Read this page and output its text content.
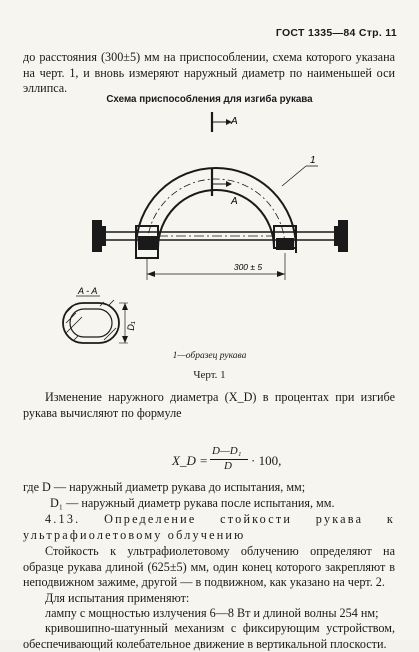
ГОСТ 1335—84 Стр. 11
до расстояния (300±5) мм на приспособлении, схема которого указана на черт. 1, и вновь измеряют наружный диаметр по наименьшей оси эллипса.
Схема приспособления для изгиба рукава
A
A
1
300 ± 5
A - A
D₁
1—образец рукава
Черт. 1
Изменение наружного диаметра (X_D) в процентах при изгибе рукава вычисляют по формуле
X_D =
D—D₁
D · 100,
где D — наружный диаметр рукава до испытания, мм;
D₁ — наружный диаметр рукава после испытания, мм.
4.13. Определение стойкости рукава к ультрафиолетовому облучению
Стойкость к ультрафиолетовому облучению определяют на образце рукава длиной (625±5) мм, один конец которого закрепляют в неподвижном зажиме, другой — в подвижном, как указано на черт. 2.
Для испытания применяют:
лампу с мощностью излучения 6—8 Вт и длиной волны 254 нм;
кривошипно-шатунный механизм с фиксирующим устройством, обеспечивающий колебательное движение в вертикальной плоскости.
